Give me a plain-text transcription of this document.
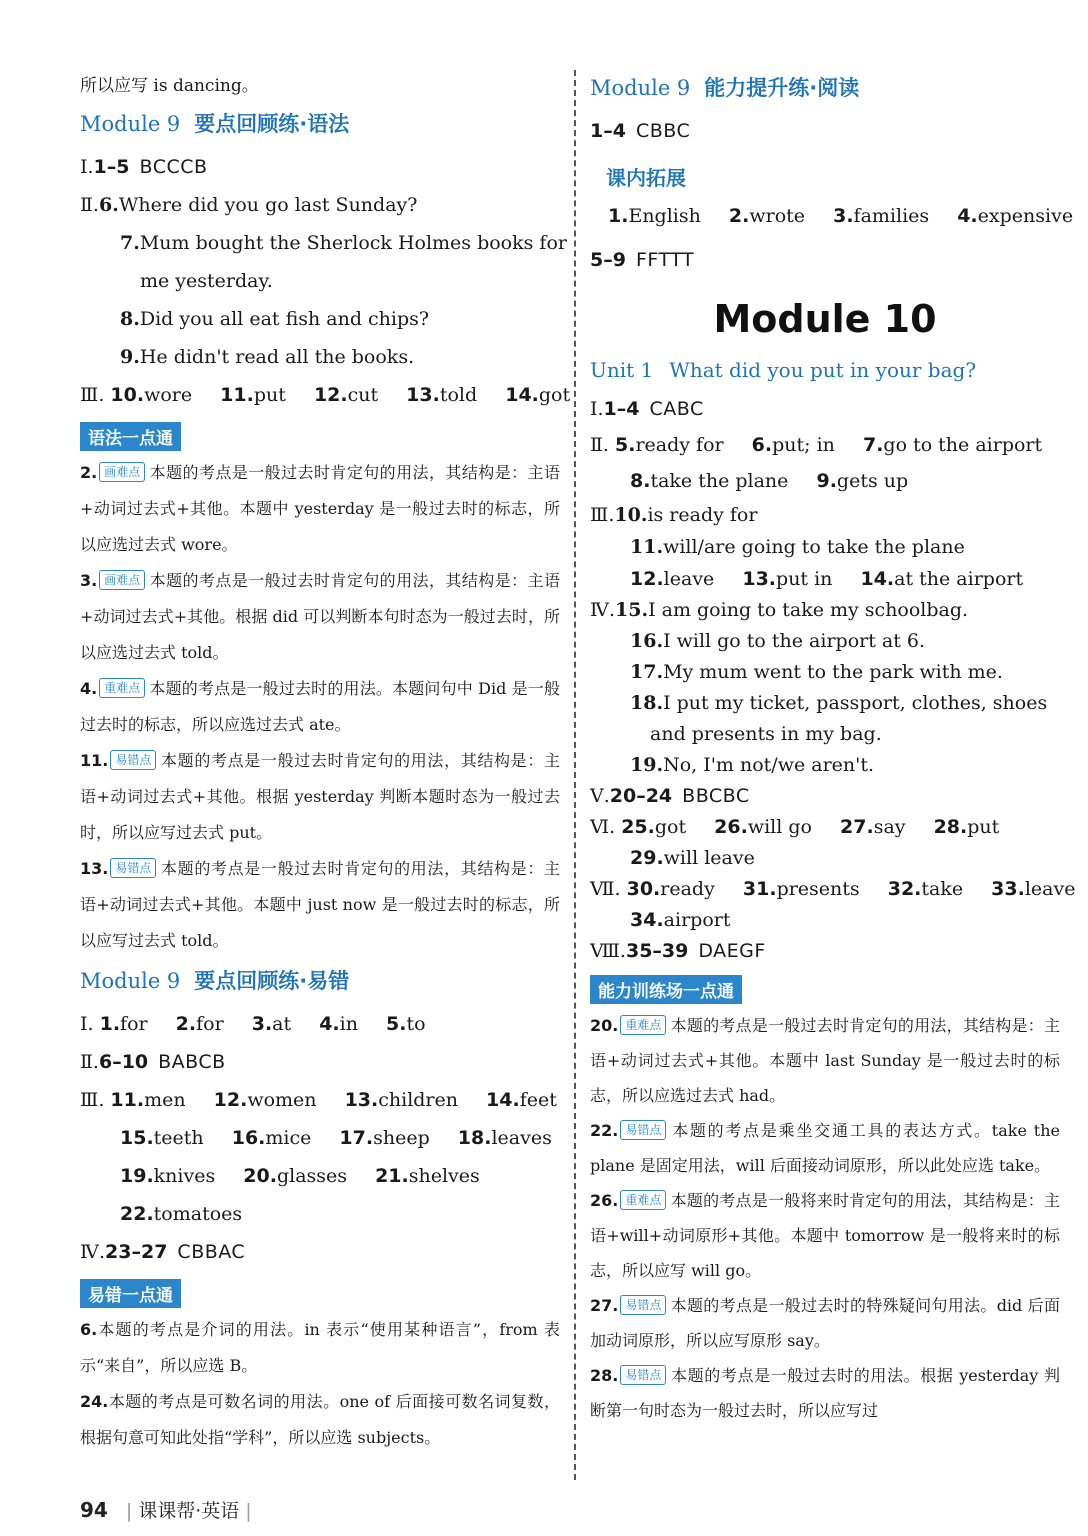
所以应写 is dancing。
Module 9 要点回顾练·语法
Ⅰ.1–5 BCCCB
Ⅱ.6.Where did you go last Sunday?
7.Mum bought the Sherlock Holmes books for
me yesterday.
8.Did you all eat fish and chips?
9.He didn't read all the books.
Ⅲ. 10.wore 11.put 12.cut 13.told 14.got
语法一点通
2. 画难点 本题的考点是一般过去时肯定句的用法，其结构是：主语+动词过去式+其他。本题中 yesterday 是一般过去时的标志，所以应选过去式 wore。
3. 画难点 本题的考点是一般过去时肯定句的用法，其结构是：主语+动词过去式+其他。根据 did 可以判断本句时态为一般过去时，所以应选过去式 told。
4. 重难点 本题的考点是一般过去时的用法。本题问句中 Did 是一般过去时的标志，所以应选过去式 ate。
11. 易错点 本题的考点是一般过去时肯定句的用法，其结构是：主语+动词过去式+其他。根据 yesterday 判断本题时态为一般过去时，所以应写过去式 put。
13. 易错点 本题的考点是一般过去时肯定句的用法，其结构是：主语+动词过去式+其他。本题中 just now 是一般过去时的标志，所以应写过去式 told。
Module 9 要点回顾练·易错
Ⅰ. 1.for 2.for 3.at 4.in 5.to
Ⅱ.6–10 BABCB
Ⅲ. 11.men 12.women 13.children 14.feet
15.teeth 16.mice 17.sheep 18.leaves
19.knives 20.glasses 21.shelves
22.tomatoes
Ⅳ.23–27 CBBAC
易错一点通
6.本题的考点是介词的用法。in 表示“使用某种语言”，from 表示“来自”，所以应选 B。
24.本题的考点是可数名词的用法。one of 后面接可数名词复数，根据句意可知此处指“学科”，所以应选 subjects。
Module 9 能力提升练·阅读
1–4 CBBC
课内拓展
1.English 2.wrote 3.families 4.expensive
5–9 FFTTT
Module 10
Unit 1 What did you put in your bag?
Ⅰ.1–4 CABC
Ⅱ. 5.ready for 6.put; in 7.go to the airport
8.take the plane 9.gets up
Ⅲ.10.is ready for
11.will/are going to take the plane
12.leave 13.put in 14.at the airport
Ⅳ.15.I am going to take my schoolbag.
16.I will go to the airport at 6.
17.My mum went to the park with me.
18.I put my ticket, passport, clothes, shoes
and presents in my bag.
19.No, I'm not/we aren't.
Ⅴ.20–24 BBCBC
Ⅵ. 25.got 26.will go 27.say 28.put
29.will leave
Ⅶ. 30.ready 31.presents 32.take 33.leave
34.airport
Ⅷ.35–39 DAEGF
能力训练场一点通
20. 重难点 本题的考点是一般过去时肯定句的用法，其结构是：主语+动词过去式+其他。本题中 last Sunday 是一般过去时的标志，所以应选过去式 had。
22. 易错点 本题的考点是乘坐交通工具的表达方式。take the plane 是固定用法，will 后面接动词原形，所以此处应选 take。
26. 重难点 本题的考点是一般将来时肯定句的用法，其结构是：主语+will+动词原形+其他。本题中 tomorrow 是一般将来时的标志，所以应写 will go。
27. 易错点 本题的考点是一般过去时的特殊疑问句用法。did 后面加动词原形，所以应写原形 say。
28. 易错点 本题的考点是一般过去时的用法。根据 yesterday 判断第一句时态为一般过去时，所以应写过
94 | 课课帮·英语 |
